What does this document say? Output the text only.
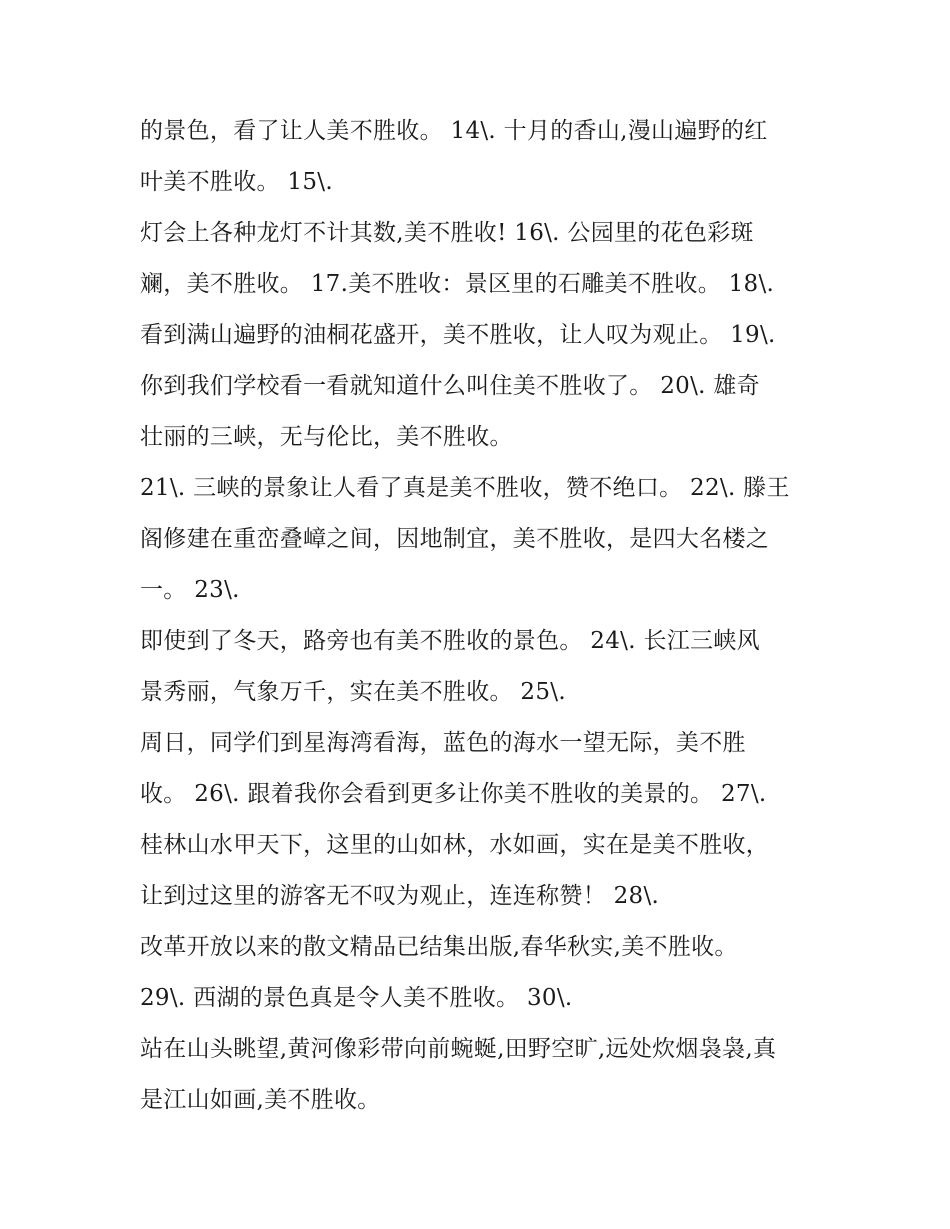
的景色，看了让人美不胜收。 14\. 十月的香山,漫山遍野的红
叶美不胜收。 15\.
灯会上各种龙灯不计其数,美不胜收! 16\. 公园里的花色彩斑
斓，美不胜收。 17.美不胜收：景区里的石雕美不胜收。 18\.
看到满山遍野的油桐花盛开，美不胜收，让人叹为观止。 19\.
你到我们学校看一看就知道什么叫住美不胜收了。 20\. 雄奇
壮丽的三峡，无与伦比，美不胜收。
21\. 三峡的景象让人看了真是美不胜收，赞不绝口。 22\. 滕王
阁修建在重峦叠嶂之间，因地制宜，美不胜收，是四大名楼之
一。 23\.
即使到了冬天，路旁也有美不胜收的景色。 24\. 长江三峡风
景秀丽，气象万千，实在美不胜收。 25\.
周日，同学们到星海湾看海，蓝色的海水一望无际，美不胜
收。 26\. 跟着我你会看到更多让你美不胜收的美景的。 27\.
桂林山水甲天下，这里的山如林，水如画，实在是美不胜收，
让到过这里的游客无不叹为观止，连连称赞！ 28\.
改革开放以来的散文精品已结集出版,春华秋实,美不胜收。
29\. 西湖的景色真是令人美不胜收。 30\.
站在山头眺望,黄河像彩带向前蜿蜒,田野空旷,远处炊烟袅袅,真
是江山如画,美不胜收。
